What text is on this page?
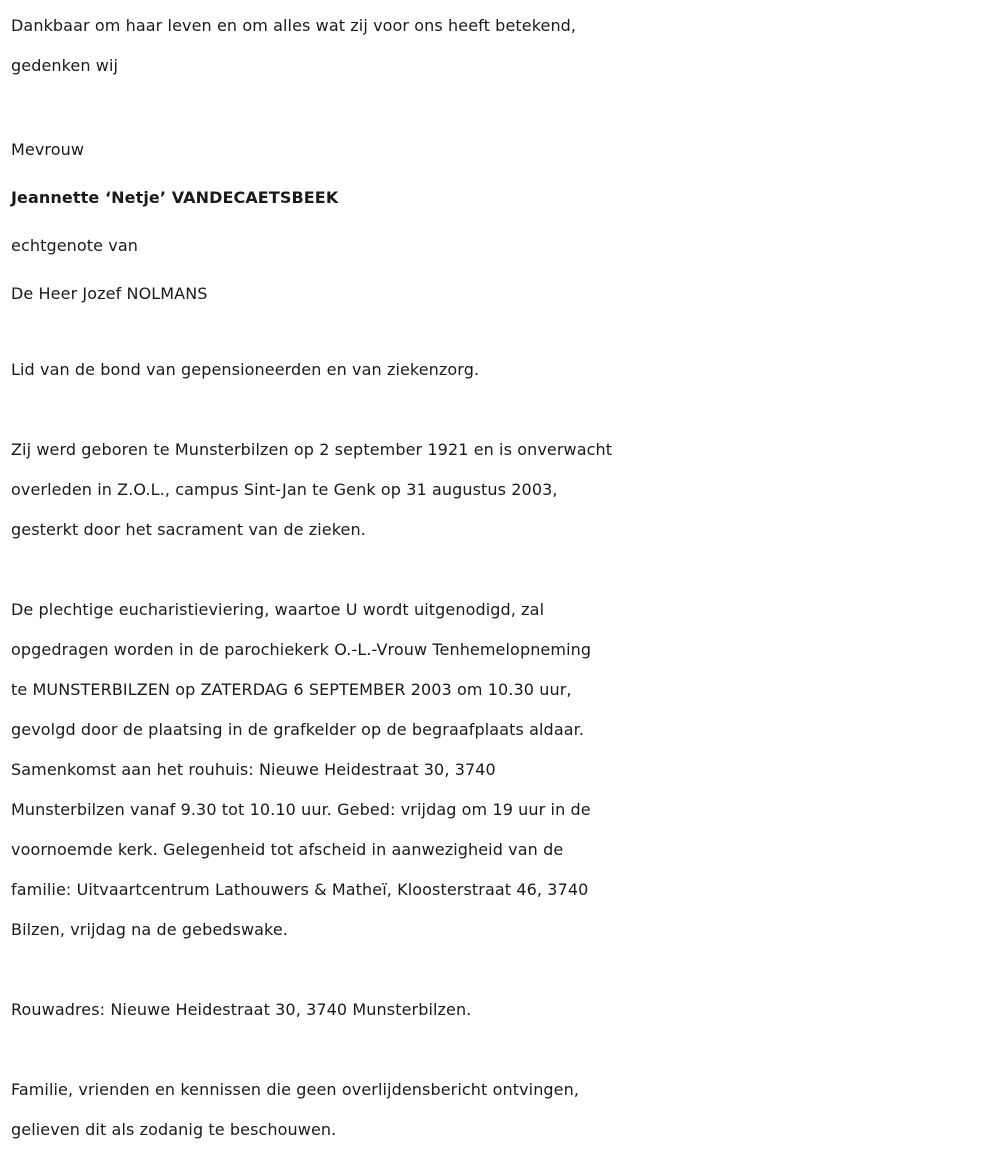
Dankbaar om haar leven en om alles wat zij voor ons heeft betekend,
gedenken wij
Mevrouw
Jeannette ‘Netje’ VANDECAETSBEEK
echtgenote van
De Heer Jozef NOLMANS
Lid van de bond van gepensioneerden en van ziekenzorg.
Zij werd geboren te Munsterbilzen op 2 september 1921 en is onverwacht
overleden in Z.O.L., campus Sint-Jan te Genk op 31 augustus 2003,
gesterkt door het sacrament van de zieken.
De plechtige eucharistieviering, waartoe U wordt uitgenodigd, zal
opgedragen worden in de parochiekerk O.-L.-Vrouw Tenhemelopneming
te MUNSTERBILZEN op ZATERDAG 6 SEPTEMBER 2003 om 10.30 uur,
gevolgd door de plaatsing in de grafkelder op de begraafplaats aldaar.
Samenkomst aan het rouhuis: Nieuwe Heidestraat 30, 3740
Munsterbilzen vanaf 9.30 tot 10.10 uur. Gebed: vrijdag om 19 uur in de
voornoemde kerk. Gelegenheid tot afscheid in aanwezigheid van de
familie: Uitvaartcentrum Lathouwers & Matheï, Kloosterstraat 46, 3740
Bilzen, vrijdag na de gebedswake.
Rouwadres: Nieuwe Heidestraat 30, 3740 Munsterbilzen.
Familie, vrienden en kennissen die geen overlijdensbericht ontvingen,
gelieven dit als zodanig te beschouwen.
